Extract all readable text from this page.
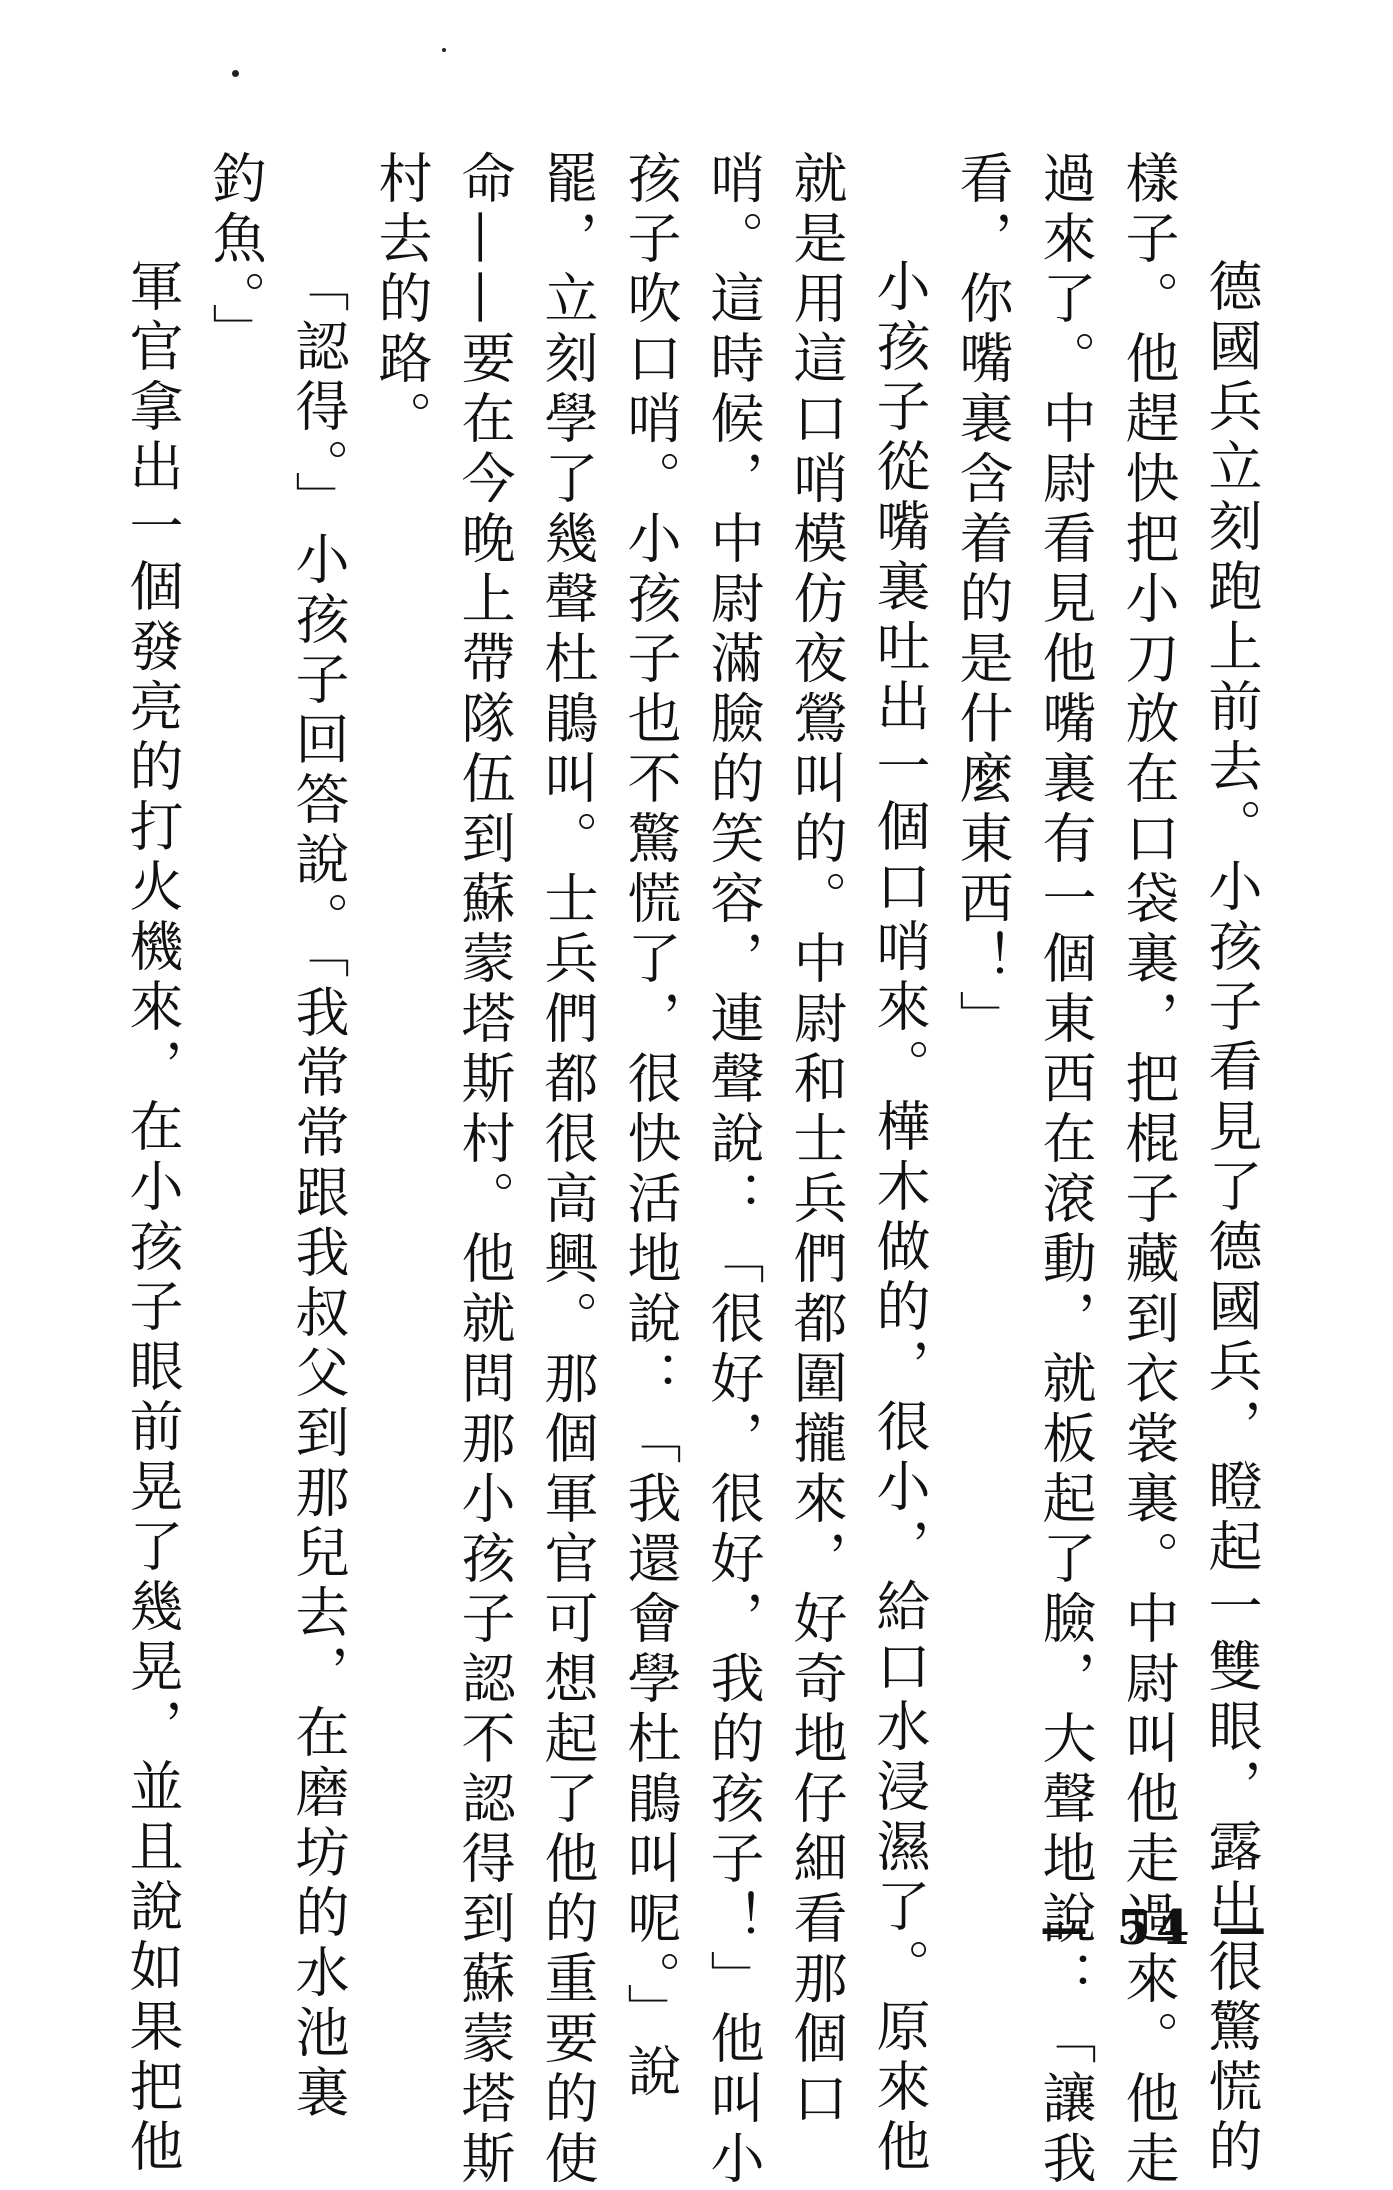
德國兵立刻跑上前去。小孩子看見了德國兵，瞪起一雙眼，露出很驚慌的
樣子。他趕快把小刀放在口袋裏，把棍子藏到衣裳裏。中尉叫他走過來。他走
過來了。中尉看見他嘴裏有一個東西在滾動，就板起了臉，大聲地說：「讓我
看，你嘴裏含着的是什麼東西！」
小孩子從嘴裏吐出一個口哨來。樺木做的，很小，給口水浸濕了。原來他
就是用這口哨模仿夜鶯叫的。中尉和士兵們都圍攏來，好奇地仔細看那個口
哨。這時候，中尉滿臉的笑容，連聲說：「很好，很好，我的孩子！」他叫小
孩子吹口哨。小孩子也不驚慌了，很快活地說：「我還會學杜鵑叫呢。」說
罷，立刻學了幾聲杜鵑叫。士兵們都很高興。那個軍官可想起了他的重要的使
命——要在今晚上帶隊伍到蘇蒙塔斯村。他就問那小孩子認不認得到蘇蒙塔斯
村去的路。
「認得。」小孩子回答說。「我常常跟我叔父到那兒去，在磨坊的水池裏
釣魚。」
軍官拿出一個發亮的打火機來，在小孩子眼前晃了幾晃，並且說如果把他	— 54 —
